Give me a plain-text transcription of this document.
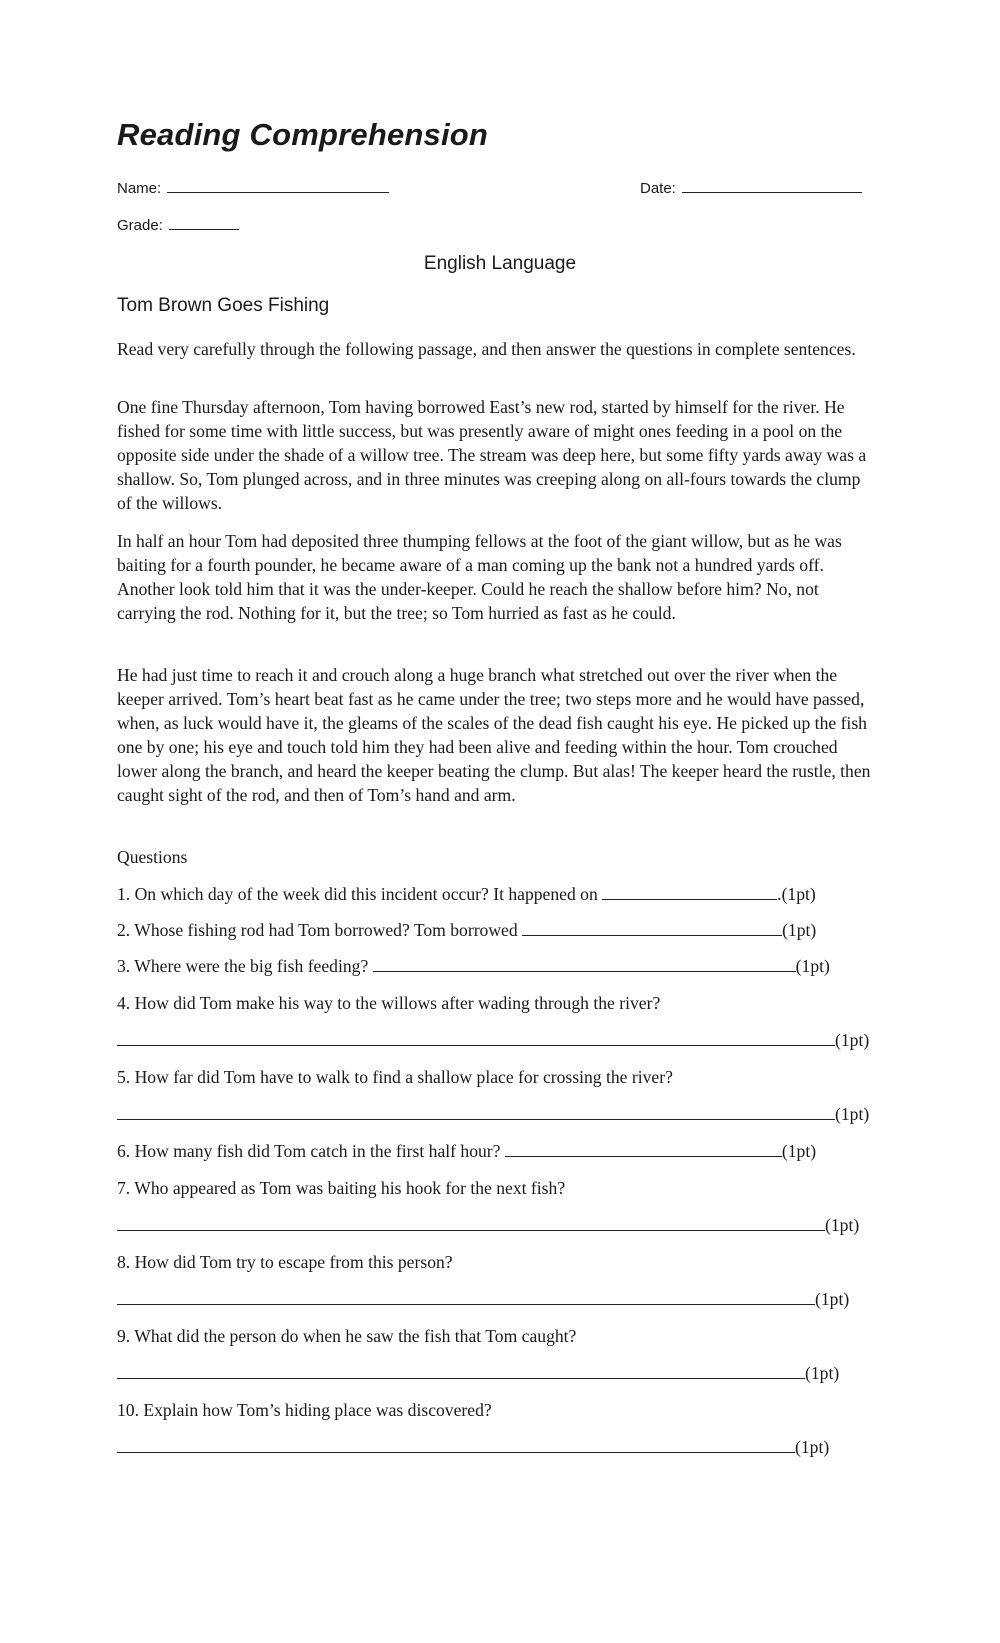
Reading Comprehension
Name:	Date:
Grade:
English Language
Tom Brown Goes Fishing

Read very carefully through the following passage, and then answer the questions in complete sentences.

One fine Thursday afternoon, Tom having borrowed East’s new rod, started by himself for the river. He fished for some time with little success, but was presently aware of might ones feeding in a pool on the opposite side under the shade of a willow tree. The stream was deep here, but some fifty yards away was a shallow. So, Tom plunged across, and in three minutes was creeping along on all-fours towards the clump of the willows.

In half an hour Tom had deposited three thumping fellows at the foot of the giant willow, but as he was baiting for a fourth pounder, he became aware of a man coming up the bank not a hundred yards off. Another look told him that it was the under-keeper. Could he reach the shallow before him? No, not carrying the rod. Nothing for it, but the tree; so Tom hurried as fast as he could.

He had just time to reach it and crouch along a huge branch what stretched out over the river when the keeper arrived. Tom’s heart beat fast as he came under the tree; two steps more and he would have passed, when, as luck would have it, the gleams of the scales of the dead fish caught his eye. He picked up the fish one by one; his eye and touch told him they had been alive and feeding within the hour. Tom crouched lower along the branch, and heard the keeper beating the clump. But alas! The keeper heard the rustle, then caught sight of the rod, and then of Tom’s hand and arm.

Questions
1. On which day of the week did this incident occur? It happened on	.(1pt)
2. Whose fishing rod had Tom borrowed? Tom borrowed	(1pt)
3. Where were the big fish feeding?	(1pt)
4. How did Tom make his way to the willows after wading through the river?
(1pt)
5. How far did Tom have to walk to find a shallow place for crossing the river?
(1pt)
6. How many fish did Tom catch in the first half hour?	(1pt)
7. Who appeared as Tom was baiting his hook for the next fish?
(1pt)
8. How did Tom try to escape from this person?
(1pt)
9. What did the person do when he saw the fish that Tom caught?
(1pt)
10. Explain how Tom’s hiding place was discovered?
(1pt)
